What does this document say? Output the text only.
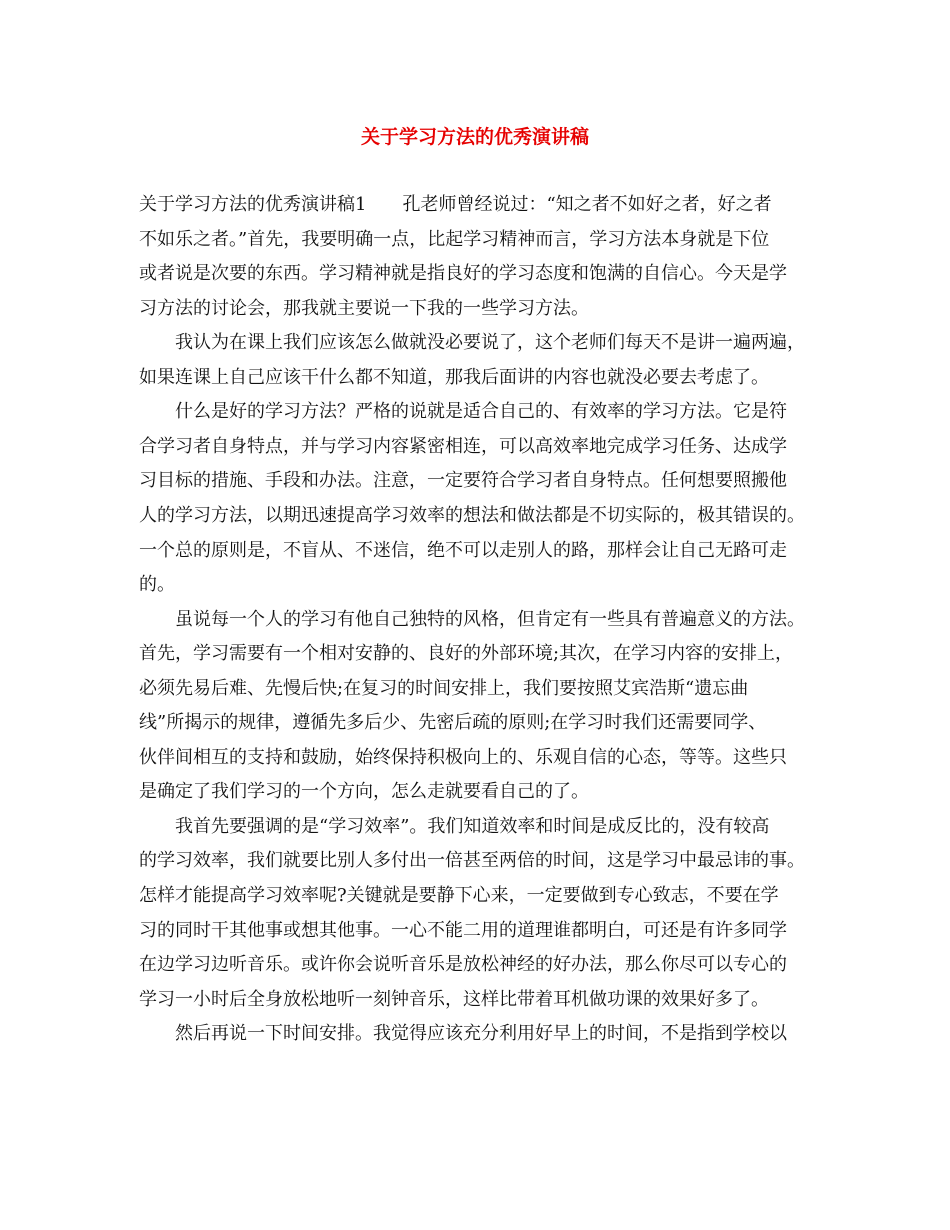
关于学习方法的优秀演讲稿

关于学习方法的优秀演讲稿1　　孔老师曾经说过：“知之者不如好之者，好之者

不如乐之者。”首先，我要明确一点，比起学习精神而言，学习方法本身就是下位

或者说是次要的东西。学习精神就是指良好的学习态度和饱满的自信心。今天是学

习方法的讨论会，那我就主要说一下我的一些学习方法。

　　我认为在课上我们应该怎么做就没必要说了，这个老师们每天不是讲一遍两遍，

如果连课上自己应该干什么都不知道，那我后面讲的内容也就没必要去考虑了。

　　什么是好的学习方法？严格的说就是适合自己的、有效率的学习方法。它是符

合学习者自身特点，并与学习内容紧密相连，可以高效率地完成学习任务、达成学

习目标的措施、手段和办法。注意，一定要符合学习者自身特点。任何想要照搬他

人的学习方法，以期迅速提高学习效率的想法和做法都是不切实际的，极其错误的。

一个总的原则是，不盲从、不迷信，绝不可以走别人的路，那样会让自己无路可走

的。

　　虽说每一个人的学习有他自己独特的风格，但肯定有一些具有普遍意义的方法。

首先，学习需要有一个相对安静的、良好的外部环境;其次，在学习内容的安排上，

必须先易后难、先慢后快;在复习的时间安排上，我们要按照艾宾浩斯“遗忘曲

线”所揭示的规律，遵循先多后少、先密后疏的原则;在学习时我们还需要同学、

伙伴间相互的支持和鼓励，始终保持积极向上的、乐观自信的心态，等等。这些只

是确定了我们学习的一个方向，怎么走就要看自己的了。

　　我首先要强调的是“学习效率”。我们知道效率和时间是成反比的，没有较高

的学习效率，我们就要比别人多付出一倍甚至两倍的时间，这是学习中最忌讳的事。

怎样才能提高学习效率呢?关键就是要静下心来，一定要做到专心致志，不要在学

习的同时干其他事或想其他事。一心不能二用的道理谁都明白，可还是有许多同学

在边学习边听音乐。或许你会说听音乐是放松神经的好办法，那么你尽可以专心的

学习一小时后全身放松地听一刻钟音乐，这样比带着耳机做功课的效果好多了。

　　然后再说一下时间安排。我觉得应该充分利用好早上的时间，不是指到学校以
